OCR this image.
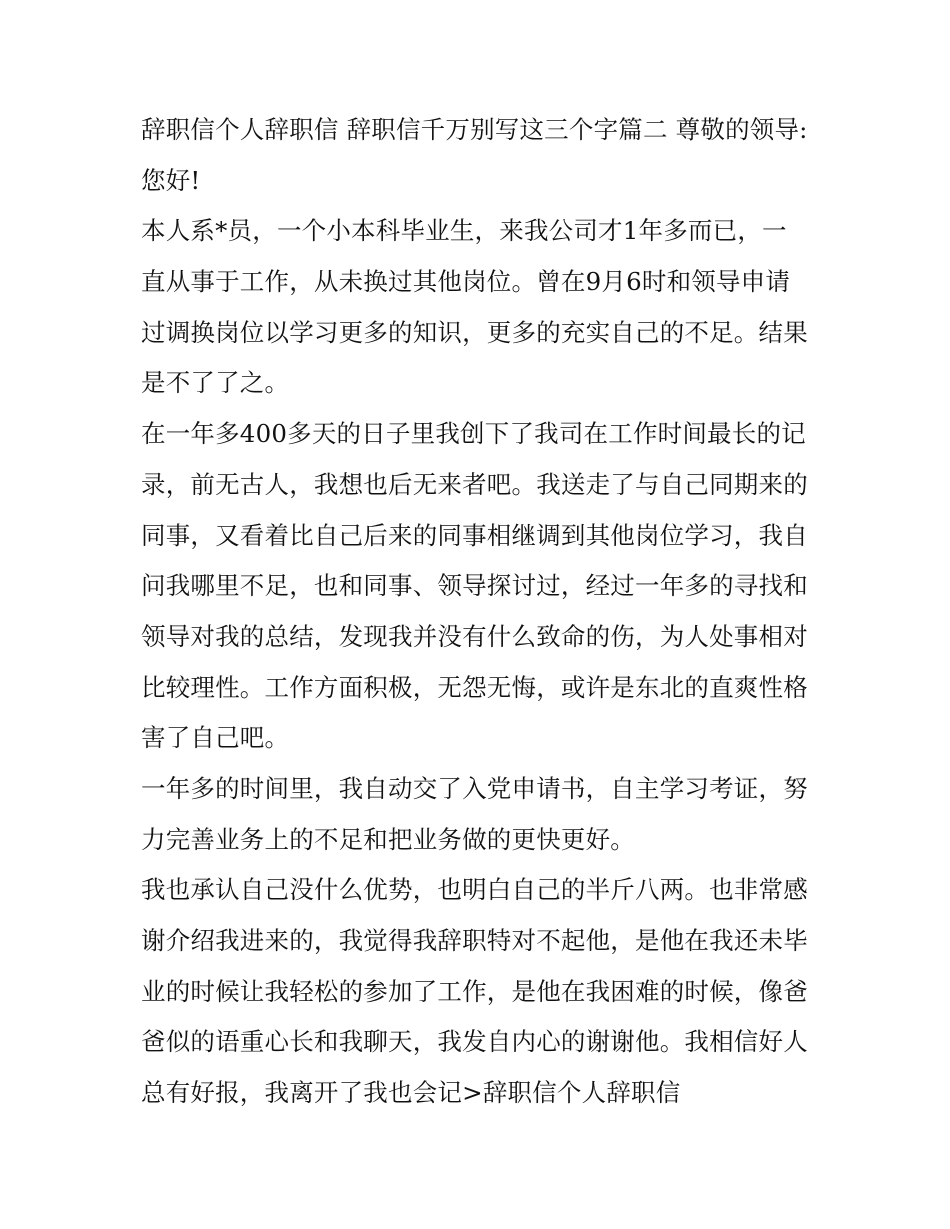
辞职信个人辞职信 辞职信千万别写这三个字篇二 尊敬的领导:
您好!

本人系*员，一个小本科毕业生，来我公司才1年多而已，一
直从事于工作，从未换过其他岗位。曾在9月6时和领导申请
过调换岗位以学习更多的知识，更多的充实自己的不足。结果
是不了了之。

在一年多400多天的日子里我创下了我司在工作时间最长的记
录，前无古人，我想也后无来者吧。我送走了与自己同期来的
同事，又看着比自己后来的同事相继调到其他岗位学习，我自
问我哪里不足，也和同事、领导探讨过，经过一年多的寻找和
领导对我的总结，发现我并没有什么致命的伤，为人处事相对
比较理性。工作方面积极，无怨无悔，或许是东北的直爽性格
害了自己吧。

一年多的时间里，我自动交了入党申请书，自主学习考证，努
力完善业务上的不足和把业务做的更快更好。

我也承认自己没什么优势，也明白自己的半斤八两。也非常感
谢介绍我进来的，我觉得我辞职特对不起他，是他在我还未毕
业的时候让我轻松的参加了工作，是他在我困难的时候，像爸
爸似的语重心长和我聊天，我发自内心的谢谢他。我相信好人
总有好报，我离开了我也会记>辞职信个人辞职信
